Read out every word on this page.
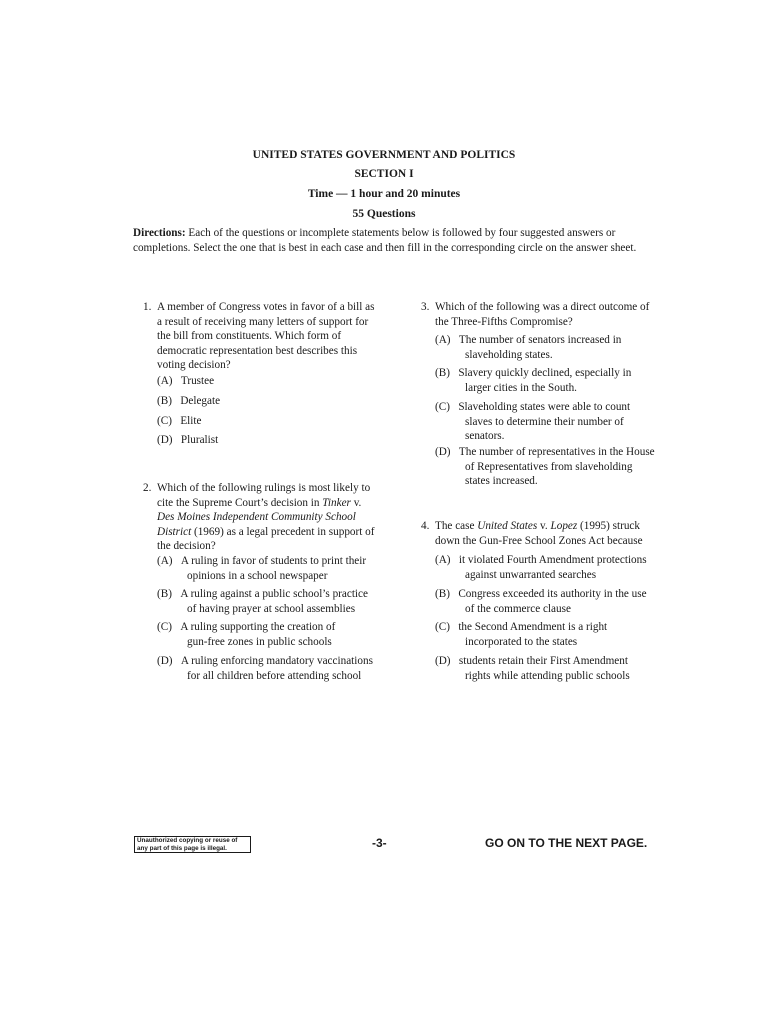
UNITED STATES GOVERNMENT AND POLITICS
SECTION I
Time — 1 hour and 20 minutes
55 Questions
Directions: Each of the questions or incomplete statements below is followed by four suggested answers or completions. Select the one that is best in each case and then fill in the corresponding circle on the answer sheet.
1. A member of Congress votes in favor of a bill as
a result of receiving many letters of support for
the bill from constituents. Which form of
democratic representation best describes this
voting decision?
(A) Trustee
(B) Delegate
(C) Elite
(D) Pluralist
2. Which of the following rulings is most likely to
cite the Supreme Court’s decision in Tinker v.
Des Moines Independent Community School
District (1969) as a legal precedent in support of
the decision?
(A) A ruling in favor of students to print their
opinions in a school newspaper
(B) A ruling against a public school’s practice
of having prayer at school assemblies
(C) A ruling supporting the creation of
gun-free zones in public schools
(D) A ruling enforcing mandatory vaccinations
for all children before attending school
3. Which of the following was a direct outcome of
the Three-Fifths Compromise?
(A) The number of senators increased in
slaveholding states.
(B) Slavery quickly declined, especially in
larger cities in the South.
(C) Slaveholding states were able to count
slaves to determine their number of
senators.
(D) The number of representatives in the House
of Representatives from slaveholding
states increased.
4. The case United States v. Lopez (1995) struck
down the Gun-Free School Zones Act because
(A) it violated Fourth Amendment protections
against unwarranted searches
(B) Congress exceeded its authority in the use
of the commerce clause
(C) the Second Amendment is a right
incorporated to the states
(D) students retain their First Amendment
rights while attending public schools
Unauthorized copying or reuse of
any part of this page is illegal.	-3-	GO ON TO THE NEXT PAGE.
